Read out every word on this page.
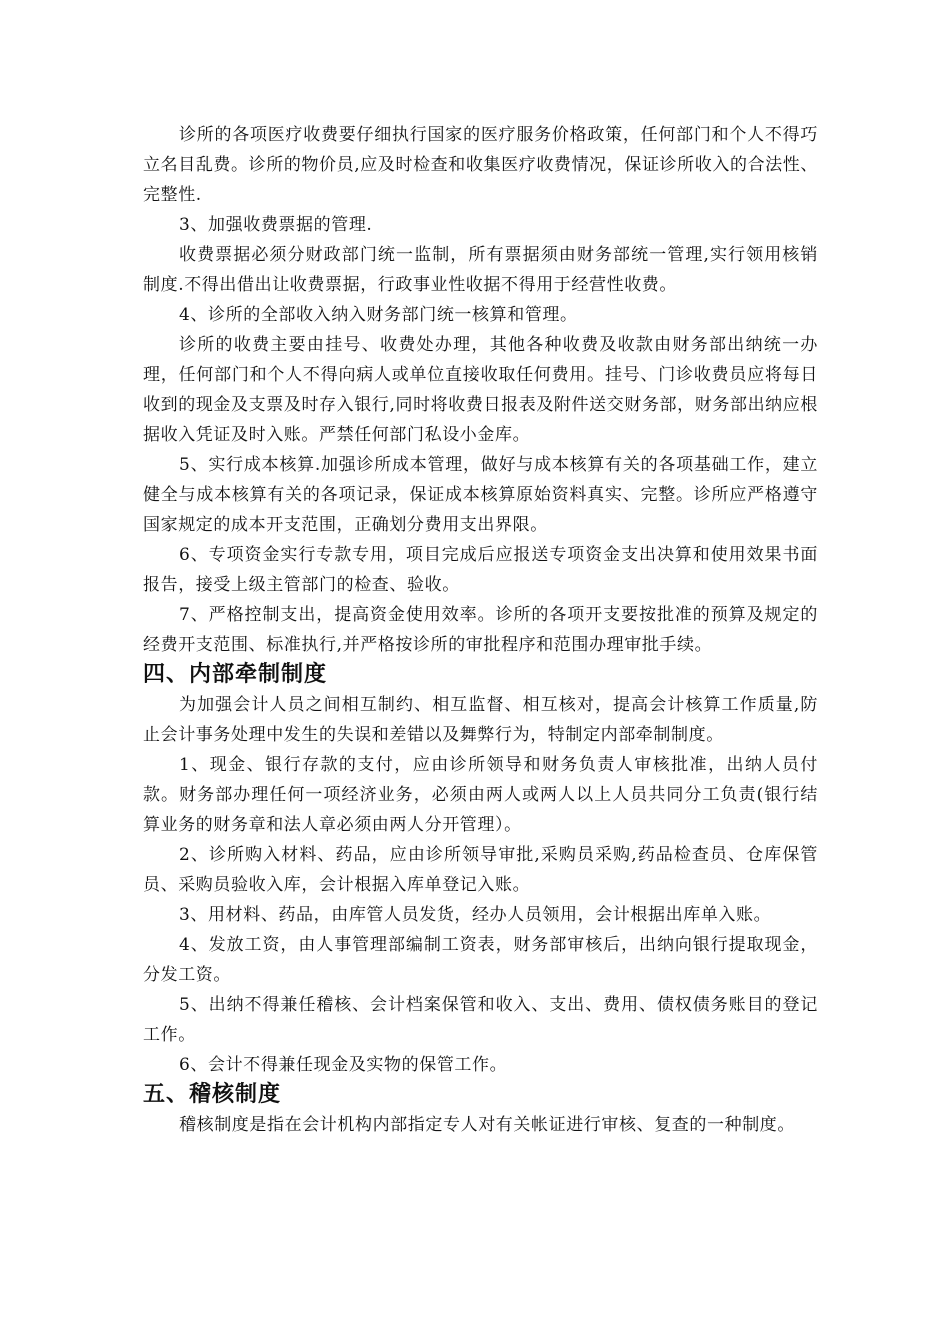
诊所的各项医疗收费要仔细执行国家的医疗服务价格政策，任何部门和个人不得巧立名目乱费。诊所的物价员,应及时检查和收集医疗收费情况，保证诊所收入的合法性、完整性.

3、加强收费票据的管理.

收费票据必须分财政部门统一监制，所有票据须由财务部统一管理,实行领用核销制度.不得出借出让收费票据，行政事业性收据不得用于经营性收费。

4、诊所的全部收入纳入财务部门统一核算和管理。

诊所的收费主要由挂号、收费处办理，其他各种收费及收款由财务部出纳统一办理，任何部门和个人不得向病人或单位直接收取任何费用。挂号、门诊收费员应将每日收到的现金及支票及时存入银行,同时将收费日报表及附件送交财务部，财务部出纳应根据收入凭证及时入账。严禁任何部门私设小金库。

5、实行成本核算.加强诊所成本管理，做好与成本核算有关的各项基础工作，建立健全与成本核算有关的各项记录，保证成本核算原始资料真实、完整。诊所应严格遵守国家规定的成本开支范围，正确划分费用支出界限。

6、专项资金实行专款专用，项目完成后应报送专项资金支出决算和使用效果书面报告，接受上级主管部门的检查、验收。

7、严格控制支出，提高资金使用效率。诊所的各项开支要按批准的预算及规定的经费开支范围、标准执行,并严格按诊所的审批程序和范围办理审批手续。

四、内部牵制制度

为加强会计人员之间相互制约、相互监督、相互核对，提高会计核算工作质量,防止会计事务处理中发生的失误和差错以及舞弊行为，特制定内部牵制制度。

1、现金、银行存款的支付，应由诊所领导和财务负责人审核批准，出纳人员付款。财务部办理任何一项经济业务，必须由两人或两人以上人员共同分工负责(银行结算业务的财务章和法人章必须由两人分开管理）。

2、诊所购入材料、药品，应由诊所领导审批,采购员采购,药品检查员、仓库保管员、采购员验收入库，会计根据入库单登记入账。

3、用材料、药品，由库管人员发货，经办人员领用，会计根据出库单入账。

4、发放工资，由人事管理部编制工资表，财务部审核后，出纳向银行提取现金，分发工资。

5、出纳不得兼任稽核、会计档案保管和收入、支出、费用、债权债务账目的登记工作。

6、会计不得兼任现金及实物的保管工作。

五、稽核制度

稽核制度是指在会计机构内部指定专人对有关帐证进行审核、复查的一种制度。
